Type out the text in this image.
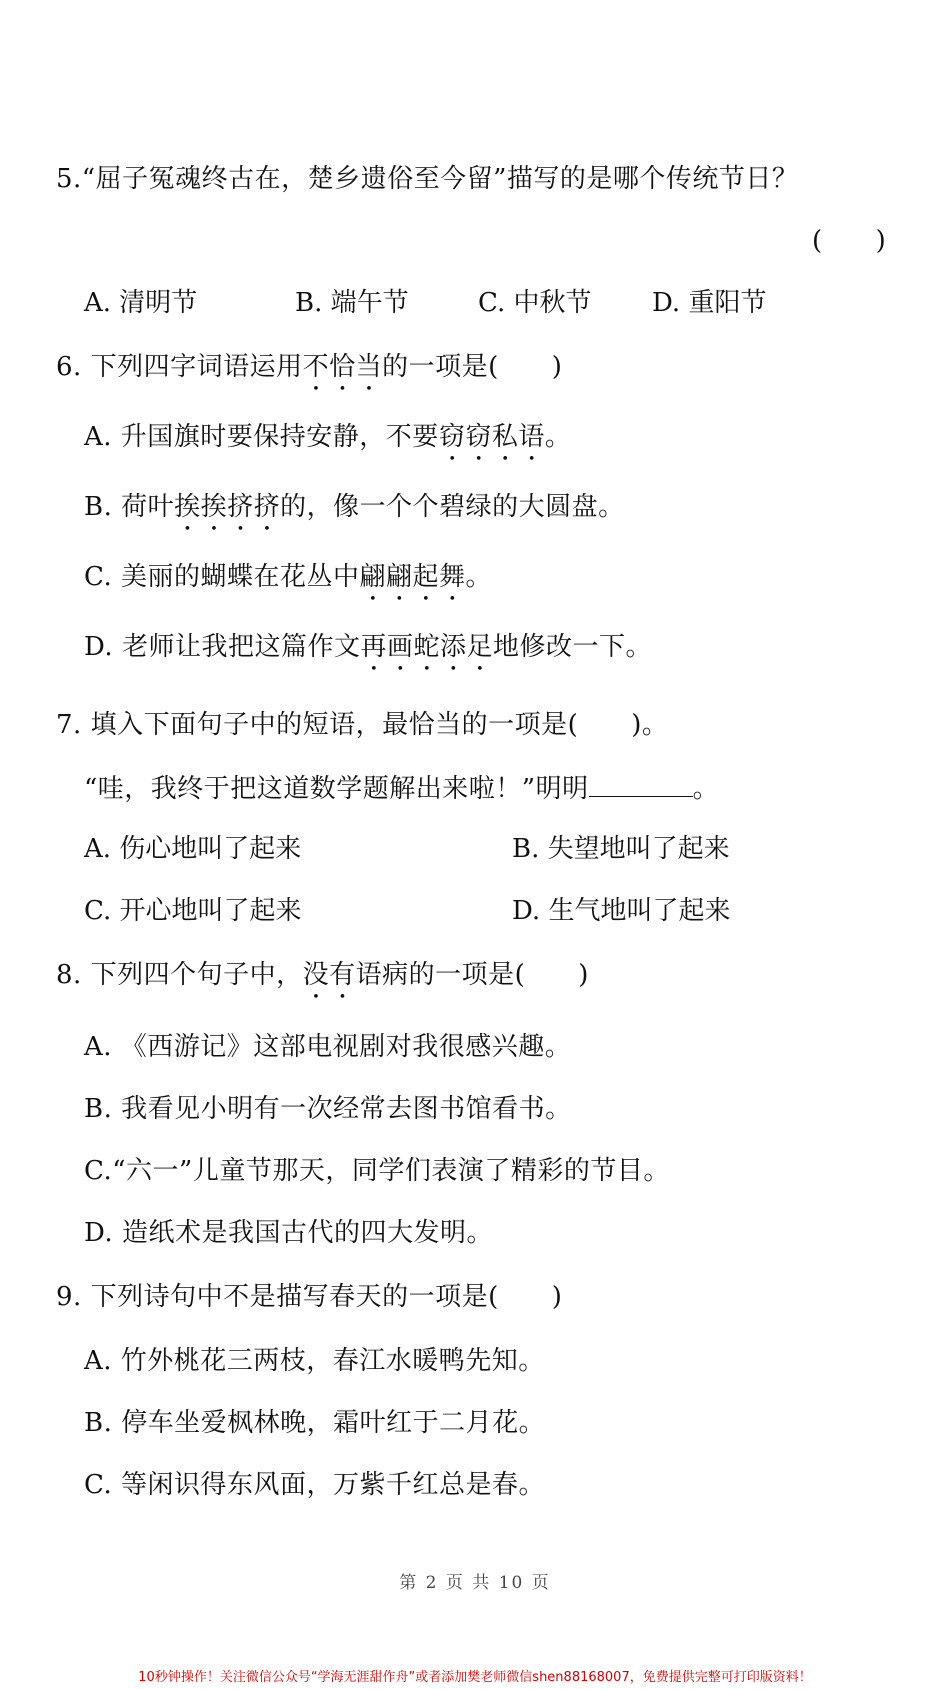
5.“屈子冤魂终古在，楚乡遗俗至今留”描写的是哪个传统节日？
(　　)
A. 清明节	B. 端午节	C. 中秋节 D. 重阳节
6. 下列四字词语运用不恰当的一项是(　　)
A. 升国旗时要保持安静，不要窃窃私语。
B. 荷叶挨挨挤挤的，像一个个碧绿的大圆盘。
C. 美丽的蝴蝶在花丛中翩翩起舞。
D. 老师让我把这篇作文再画蛇添足地修改一下。
7. 填入下面句子中的短语，最恰当的一项是(　　)。
“哇，我终于把这道数学题解出来啦！”明明	。
A. 伤心地叫了起来	B. 失望地叫了起来
C. 开心地叫了起来	D. 生气地叫了起来
8. 下列四个句子中，没有语病的一项是(　　)
A. 《西游记》这部电视剧对我很感兴趣。
B. 我看见小明有一次经常去图书馆看书。
C.“六一”儿童节那天，同学们表演了精彩的节目。
D. 造纸术是我国古代的四大发明。
9. 下列诗句中不是描写春天的一项是(　　)
A. 竹外桃花三两枝，春江水暖鸭先知。
B. 停车坐爱枫林晚，霜叶红于二月花。
C. 等闲识得东风面，万紫千红总是春。
第 2 页 共 10 页
10秒钟操作！关注微信公众号“学海无涯甜作舟”或者添加樊老师微信shen88168007，免费提供完整可打印版资料！
